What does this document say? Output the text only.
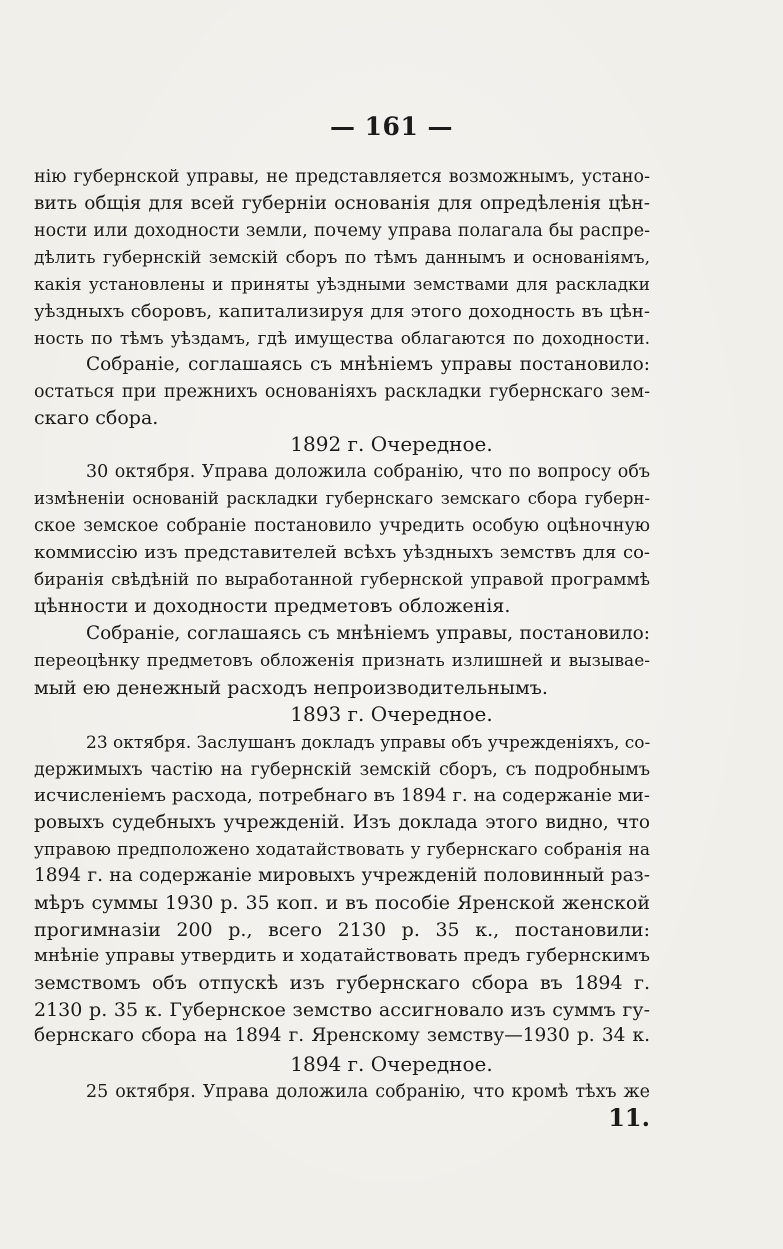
— 161 —
нію губернской управы, не представляется возможнымъ, устано-
вить общія для всей губерніи основанія для опредѣленія цѣн-
ности или доходности земли, почему управа полагала бы распре-
дѣлить губернскій земскій сборъ по тѣмъ даннымъ и основаніямъ,
какія установлены и приняты уѣздными земствами для раскладки
уѣздныхъ сборовъ, капитализируя для этого доходность въ цѣн-
ность по тѣмъ уѣздамъ, гдѣ имущества облагаются по доходности.
Собраніе, соглашаясь съ мнѣніемъ управы постановило:
остаться при прежнихъ основаніяхъ раскладки губернскаго зем-
скаго сбора.
1892 г. Очередное.
30 октября. Управа доложила собранію, что по вопросу объ
измѣненіи основаній раскладки губернскаго земскаго сбора губерн-
ское земское собраніе постановило учредить особую оцѣночную
коммиссію изъ представителей всѣхъ уѣздныхъ земствъ для со-
биранія свѣдѣній по выработанной губернской управой программѣ
цѣнности и доходности предметовъ обложенія.
Собраніе, соглашаясь съ мнѣніемъ управы, постановило:
переоцѣнку предметовъ обложенія признать излишней и вызывае-
мый ею денежный расходъ непроизводительнымъ.
1893 г. Очередное.
23 октября. Заслушанъ докладъ управы объ учрежденіяхъ, со-
держимыхъ частію на губернскій земскій сборъ, съ подробнымъ
исчисленіемъ расхода, потребнаго въ 1894 г. на содержаніе ми-
ровыхъ судебныхъ учрежденій. Изъ доклада этого видно, что
управою предположено ходатайствовать у губернскаго собранія на
1894 г. на содержаніе мировыхъ учрежденій половинный раз-
мѣръ суммы 1930 р. 35 коп. и въ пособіе Яренской женской
прогимназіи 200 р., всего 2130 р. 35 к., постановили:
мнѣніе управы утвердить и ходатайствовать предъ губернскимъ
земствомъ объ отпускѣ изъ губернскаго сбора въ 1894 г.
2130 р. 35 к. Губернское земство ассигновало изъ суммъ гу-
бернскаго сбора на 1894 г. Яренскому земству—1930 р. 34 к.
1894 г. Очередное.
25 октября. Управа доложила собранію, что кромѣ тѣхъ же
11.
